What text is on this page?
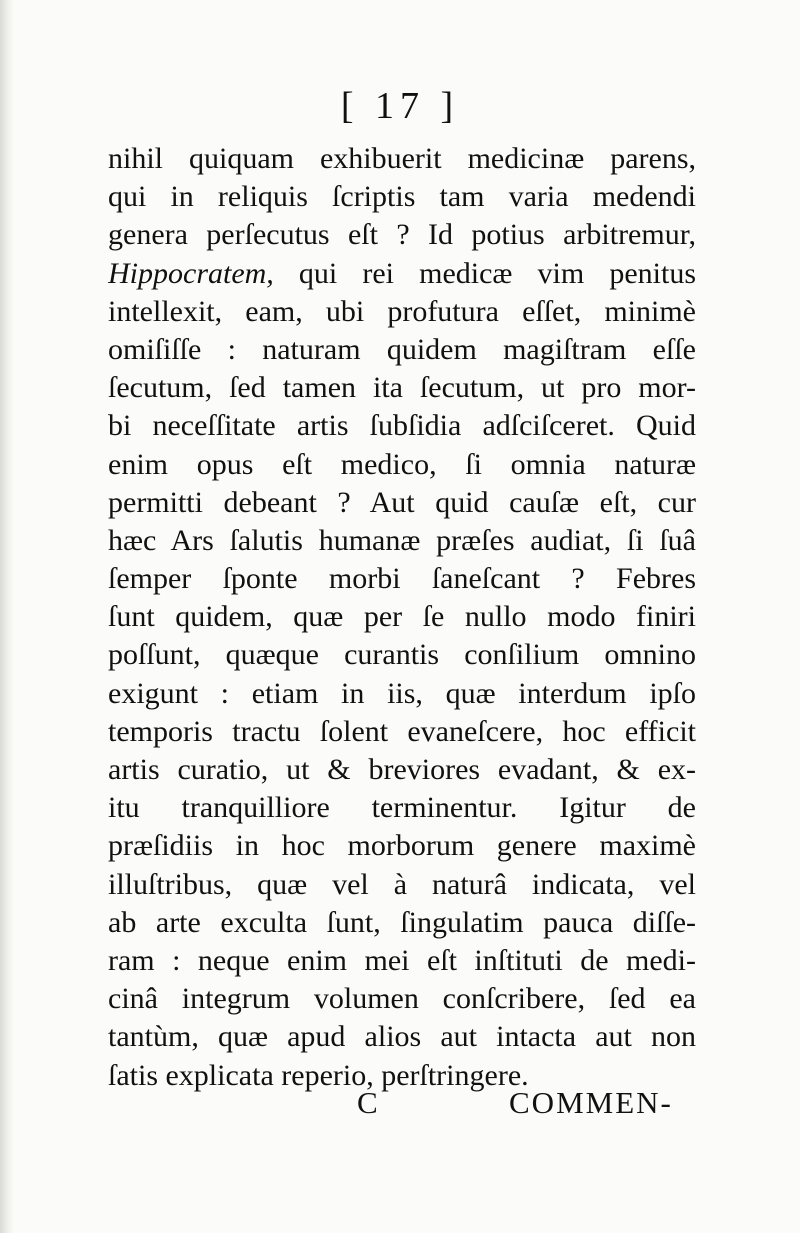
[ 17 ]
nihil quiquam exhibuerit medicinæ parens,
qui in reliquis ſcriptis tam varia medendi
genera perſecutus eſt ? Id potius arbitremur,
Hippocratem, qui rei medicæ vim penitus
intellexit, eam, ubi profutura eſſet, minimè
omiſiſſe : naturam quidem magiſtram eſſe
ſecutum, ſed tamen ita ſecutum, ut pro mor-
bi neceſſitate artis ſubſidia adſciſceret. Quid
enim opus eſt medico, ſi omnia naturæ
permitti debeant ? Aut quid cauſæ eſt, cur
hæc Ars ſalutis humanæ præſes audiat, ſi ſuâ
ſemper ſponte morbi ſaneſcant ? Febres
ſunt quidem, quæ per ſe nullo modo finiri
poſſunt, quæque curantis conſilium omnino
exigunt : etiam in iis, quæ interdum ipſo
temporis tractu ſolent evaneſcere, hoc efficit
artis curatio, ut & breviores evadant, & ex-
itu tranquilliore terminentur. Igitur de
præſidiis in hoc morborum genere maximè
illuſtribus, quæ vel à naturâ indicata, vel
ab arte exculta ſunt, ſingulatim pauca diſſe-
ram : neque enim mei eſt inſtituti de medi-
cinâ integrum volumen conſcribere, ſed ea
tantùm, quæ apud alios aut intacta aut non
ſatis explicata reperio, perſtringere.
C	COMMEN-
